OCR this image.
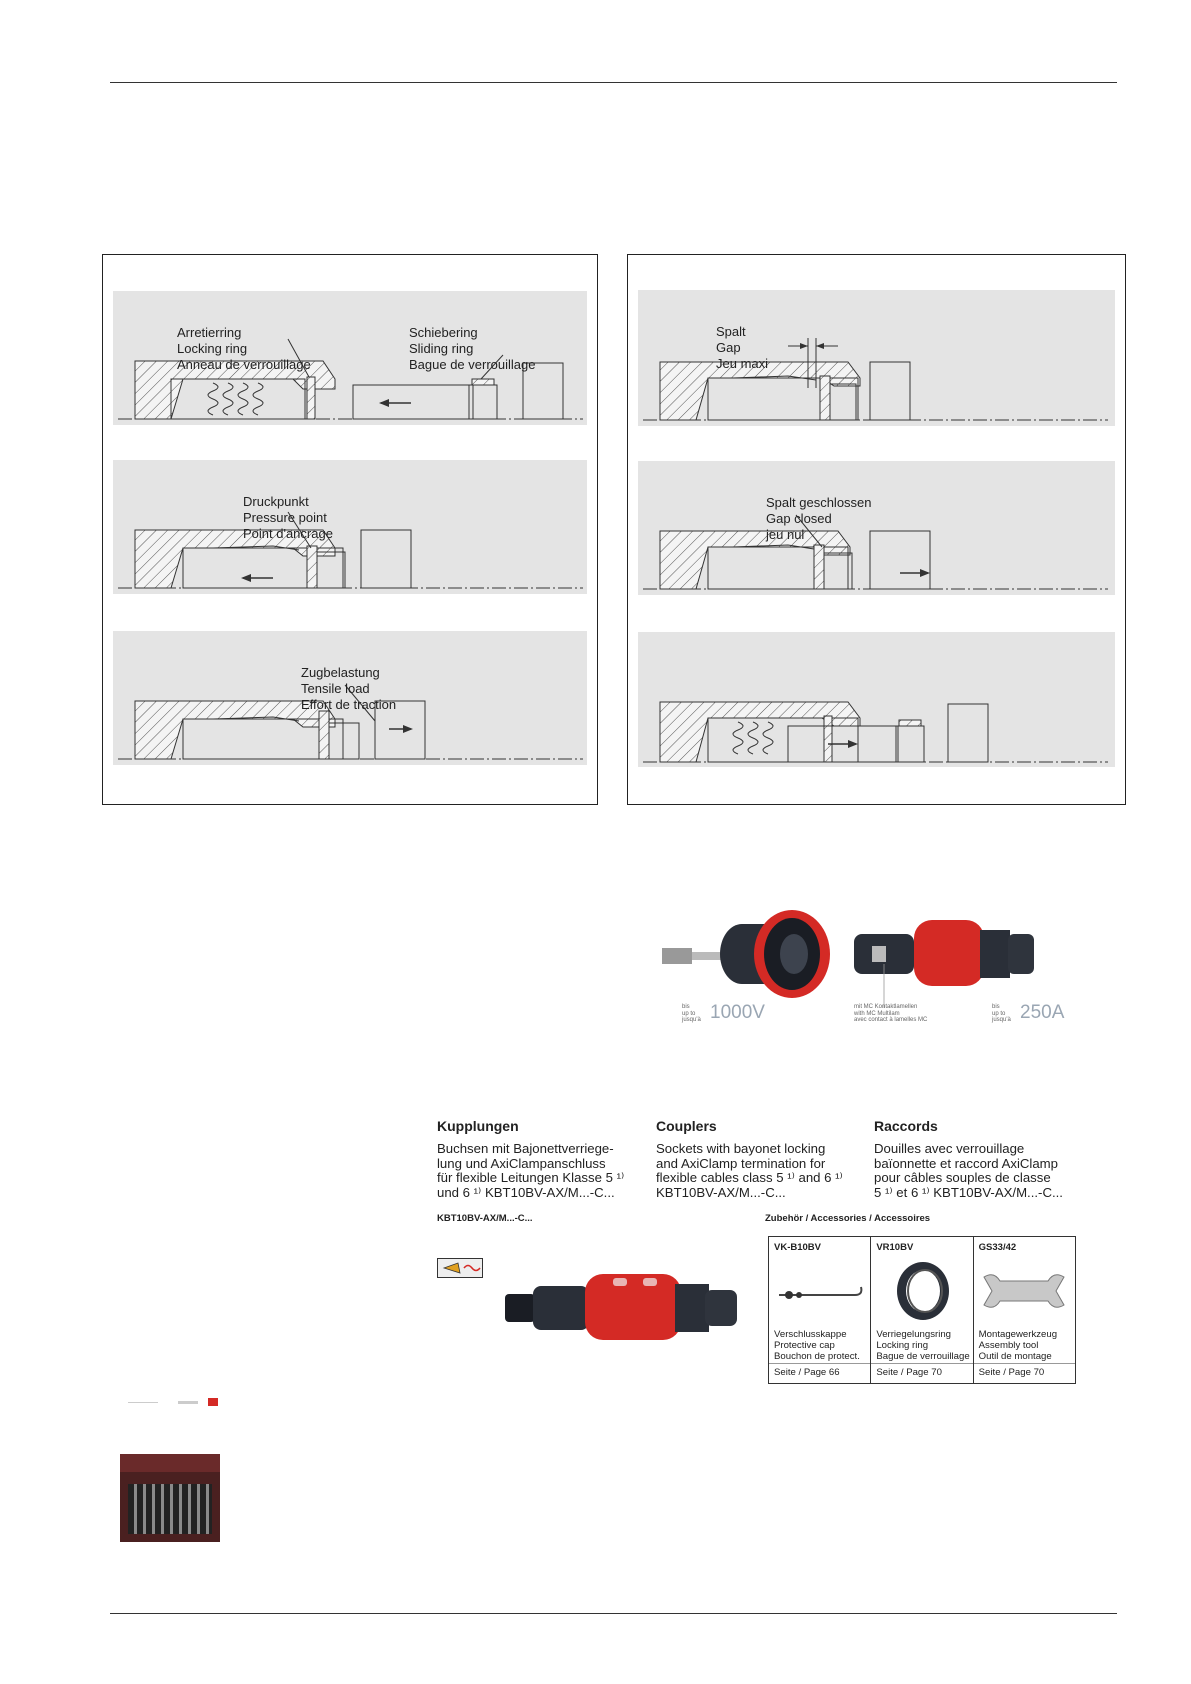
Arretierring
Locking ring
Anneau de verrouillage

Schiebering
Sliding ring
Bague de verrouillage

Druckpunkt
Pressure point
Point d'ancrage

Zugbelastung
Tensile load
Effort de traction

Spalt
Gap
Jeu maxi

Spalt geschlossen
Gap closed
jeu nul

bis
up to
jusqu'à 1000V	mit MC Kontaktlamellen
with MC Multilam
avec contact à lamelles MC
bis
up to
jusqu'à 250A
Kupplungen
Buchsen mit Bajonettverriege-
lung und AxiClampanschluss
für flexible Leitungen Klasse 5 ¹⁾
und 6 ¹⁾ KBT10BV-AX/M...-C...
Couplers
Sockets with bayonet locking
and AxiClamp termination for
flexible cables class 5 ¹⁾ and 6 ¹⁾
KBT10BV-AX/M...-C...
Raccords
Douilles avec verrouillage
baïonnette et raccord AxiClamp
pour câbles souples de classe
5 ¹⁾ et 6 ¹⁾ KBT10BV-AX/M...-C...
KBT10BV-AX/M...-C...	Zubehör / Accessories / Accessoires
VK-B10BV
Verschlusskappe
Protective cap
Bouchon de protect.
Seite / Page 66
VR10BV
Verriegelungsring
Locking ring
Bague de verrouillage
Seite / Page 70
GS33/42
Montagewerkzeug
Assembly tool
Outil de montage
Seite / Page 70
